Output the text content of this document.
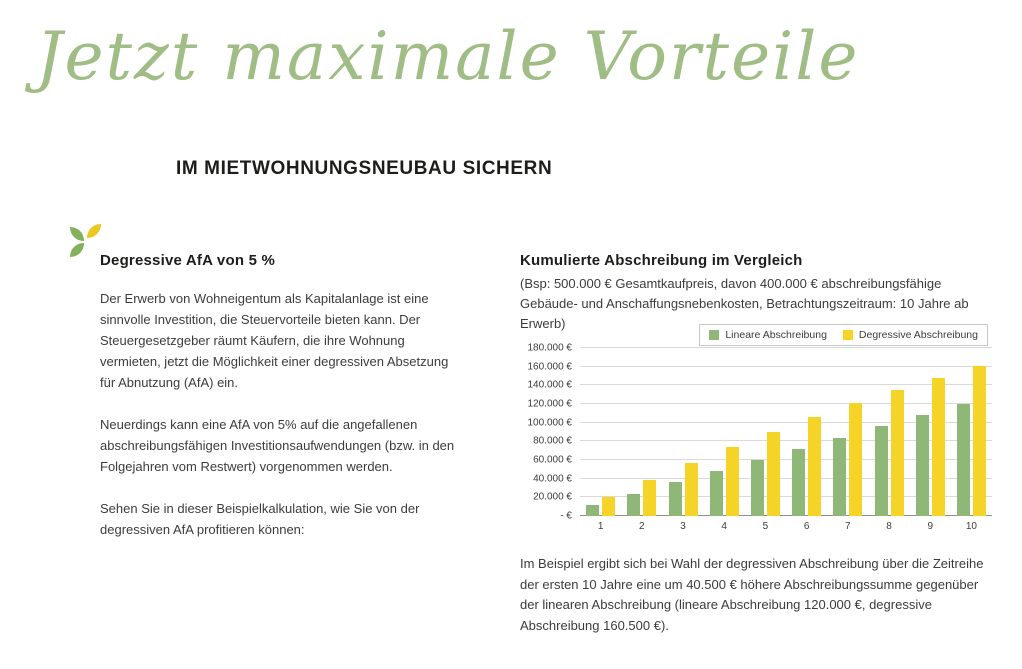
Jetzt maximale Vorteile
IM MIETWOHNUNGSNEUBAU SICHERN
Degressive AfA von 5 %

Der Erwerb von Wohneigentum als Kapitalanlage ist eine sinnvolle Investition, die Steuervorteile bieten kann. Der Steuergesetzgeber räumt Käufern, die ihre Wohnung vermieten, jetzt die Möglichkeit einer degressiven Absetzung für Abnutzung (AfA) ein.

Neuerdings kann eine AfA von 5% auf die angefallenen abschreibungsfähigen Investitionsaufwendungen (bzw. in den Folgejahren vom Restwert) vorgenommen werden.

Sehen Sie in dieser Beispielkalkulation, wie Sie von der degressiven AfA profitieren können:

Kumulierte Abschreibung im Vergleich
(Bsp: 500.000 € Gesamtkaufpreis, davon 400.000 € abschreibungsfähige Gebäude- und Anschaffungsnebenkosten, Betrachtungszeitraum: 10 Jahre ab Erwerb)
Lineare Abschreibung	Degressive Abschreibung
- €
20.000 €
40.000 €
60.000 €
80.000 €
100.000 €
120.000 €
140.000 €
160.000 €
180.000 €
1	2	3	4	5	6	7	8	9	10
Im Beispiel ergibt sich bei Wahl der degressiven Abschreibung über die Zeitreihe der ersten 10 Jahre eine um 40.500 € höhere Abschreibungssumme gegenüber der linearen Abschreibung (lineare Abschreibung 120.000 €, degressive Abschreibung 160.500 €).
